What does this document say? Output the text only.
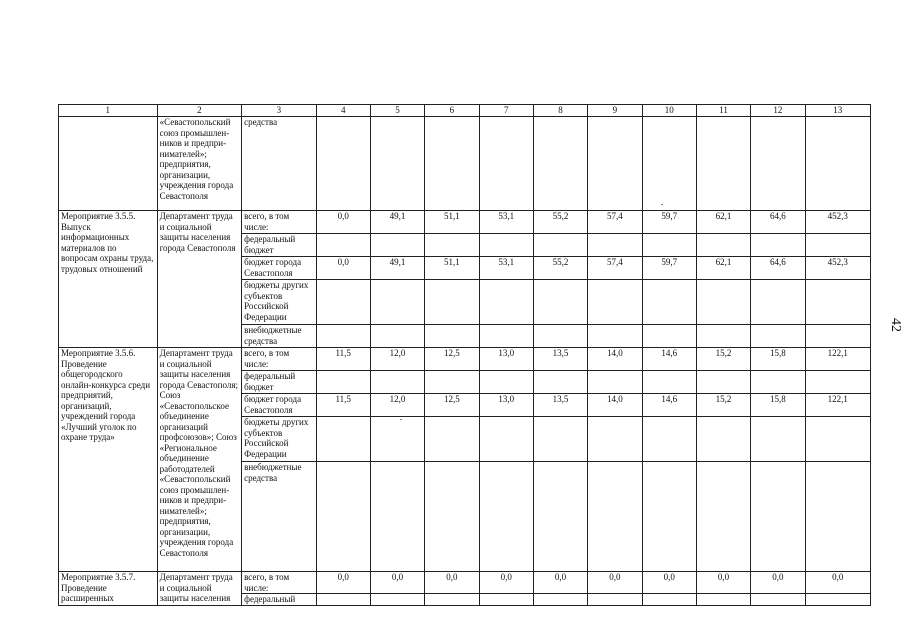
1	2	3	4	5	6	7	8	9	10	11	12	13
	«Севастопольский союз промышлен-ников и предпри-нимателей»; предприятия, организации, учреждения города Севастополя	средства										
Мероприятие 3.5.5. Выпуск информационных материалов по вопросам охраны труда, трудовых отношений	Департамент труда и социальной защиты населения города Севастополя	всего, в том числе:	0,0	49,1	51,1	53,1	55,2	57,4	59,7	62,1	64,6	452,3
		федеральный бюджет										
		бюджет города Севастополя	0,0	49,1	51,1	53,1	55,2	57,4	59,7	62,1	64,6	452,3
		бюджеты других субъектов Российской Федерации										
		внебюджетные средства										
Мероприятие 3.5.6. Проведение общегородского онлайн-конкурса среди предприятий, организаций, учреждений города «Лучший уголок по охране труда»	Департамент труда и социальной защиты населения города Севастополя; Союз «Севастопольское объединение организаций профсоюзов»; Союз «Региональное объединение работодателей «Севастопольский союз промышлен-ников и предпри-нимателей»; предприятия, организации, учреждения города Севастополя	всего, в том числе:	11,5	12,0	12,5	13,0	13,5	14,0	14,6	15,2	15,8	122,1
		федеральный бюджет										
		бюджет города Севастополя	11,5	12,0	12,5	13,0	13,5	14,0	14,6	15,2	15,8	122,1
		бюджеты других субъектов Российской Федерации										
		внебюджетные средства										
Мероприятие 3.5.7. Проведение расширенных	Департамент труда и социальной защиты населения	всего, в том числе:	0,0	0,0	0,0	0,0	0,0	0,0	0,0	0,0	0,0	0,0
		федеральный										
42
